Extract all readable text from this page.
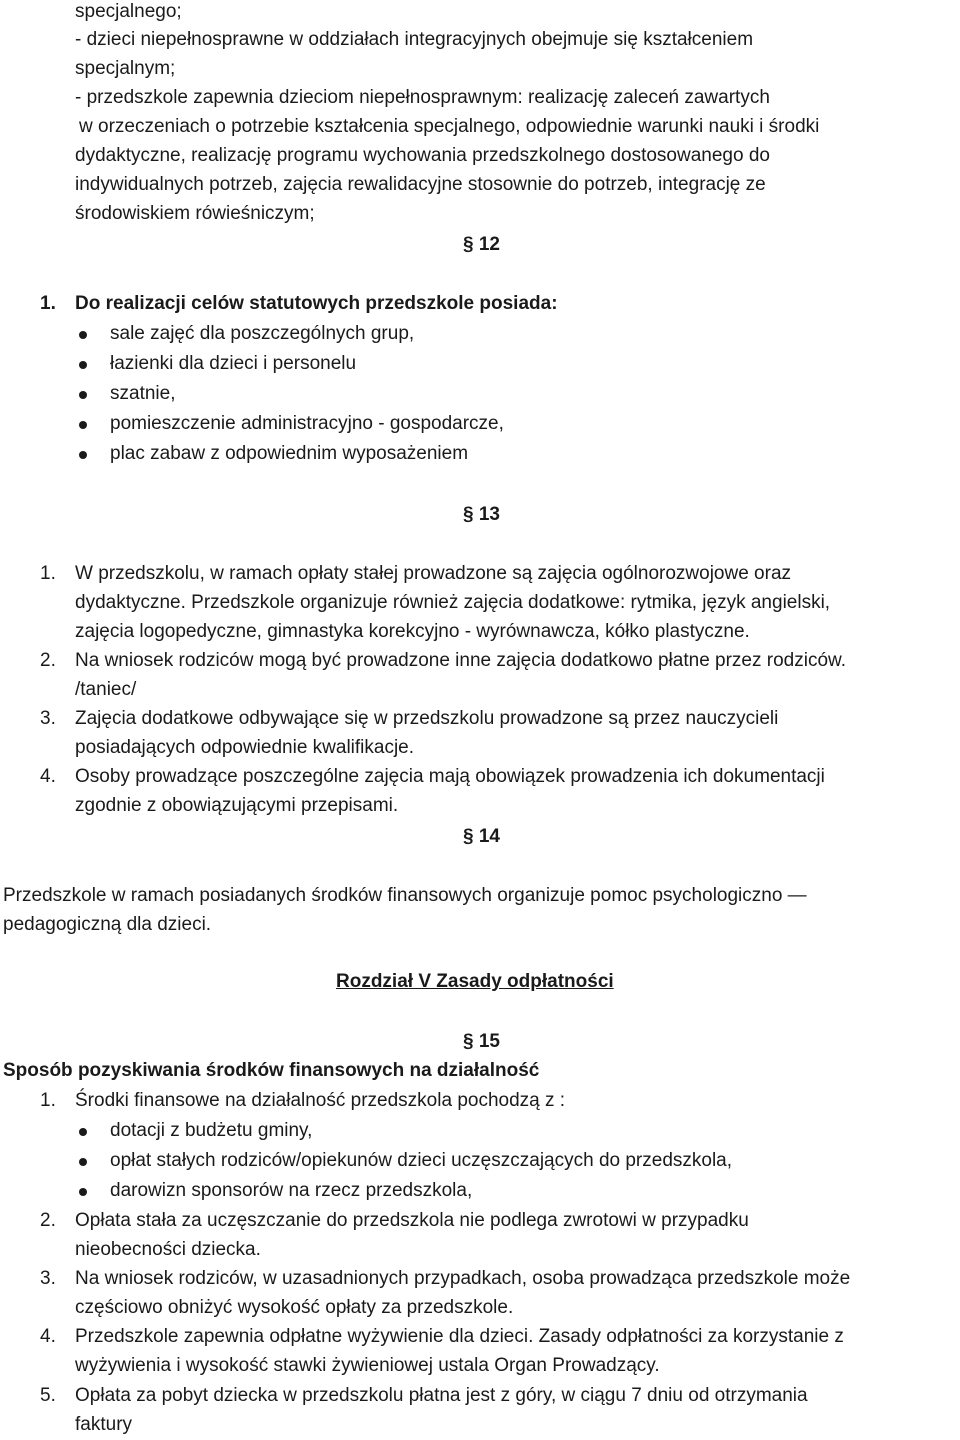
specjalnego;
- dzieci niepełnosprawne w oddziałach integracyjnych obejmuje się kształceniem
specjalnym;
- przedszkole zapewnia dzieciom niepełnosprawnym: realizację zaleceń zawartych
w orzeczeniach o potrzebie kształcenia specjalnego, odpowiednie warunki nauki i środki
dydaktyczne, realizację programu wychowania przedszkolnego dostosowanego do
indywidualnych potrzeb, zajęcia rewalidacyjne stosownie do potrzeb, integrację ze
środowiskiem rówieśniczym;
§ 12
1. Do realizacji celów statutowych przedszkole posiada:
sale zajęć dla poszczególnych grup,
łazienki dla dzieci i personelu
szatnie,
pomieszczenie administracyjno - gospodarcze,
plac zabaw z odpowiednim wyposażeniem
§ 13
1. W przedszkolu, w ramach opłaty stałej prowadzone są zajęcia ogólnorozwojowe oraz
dydaktyczne. Przedszkole organizuje również zajęcia dodatkowe: rytmika, język angielski,
zajęcia logopedyczne, gimnastyka korekcyjno - wyrównawcza, kółko plastyczne.
2. Na wniosek rodziców mogą być prowadzone inne zajęcia dodatkowo płatne przez rodziców.
/taniec/
3. Zajęcia dodatkowe odbywające się w przedszkolu prowadzone są przez nauczycieli
posiadających odpowiednie kwalifikacje.
4. Osoby prowadzące poszczególne zajęcia mają obowiązek prowadzenia ich dokumentacji
zgodnie z obowiązującymi przepisami.
§ 14
Przedszkole w ramach posiadanych środków finansowych organizuje pomoc psychologiczno —
pedagogiczną dla dzieci.
Rozdział V Zasady odpłatności
§ 15
Sposób pozyskiwania środków finansowych na działalność
1. Środki finansowe na działalność przedszkola pochodzą z :
dotacji z budżetu gminy,
opłat stałych rodziców/opiekunów dzieci uczęszczających do przedszkola,
darowizn sponsorów na rzecz przedszkola,
2. Opłata stała za uczęszczanie do przedszkola nie podlega zwrotowi w przypadku
nieobecności dziecka.
3. Na wniosek rodziców, w uzasadnionych przypadkach, osoba prowadząca przedszkole może
częściowo obniżyć wysokość opłaty za przedszkole.
4. Przedszkole zapewnia odpłatne wyżywienie dla dzieci. Zasady odpłatności za korzystanie z
wyżywienia i wysokość stawki żywieniowej ustala Organ Prowadzący.
5. Opłata za pobyt dziecka w przedszkolu płatna jest z góry, w ciągu 7 dniu od otrzymania
faktury
